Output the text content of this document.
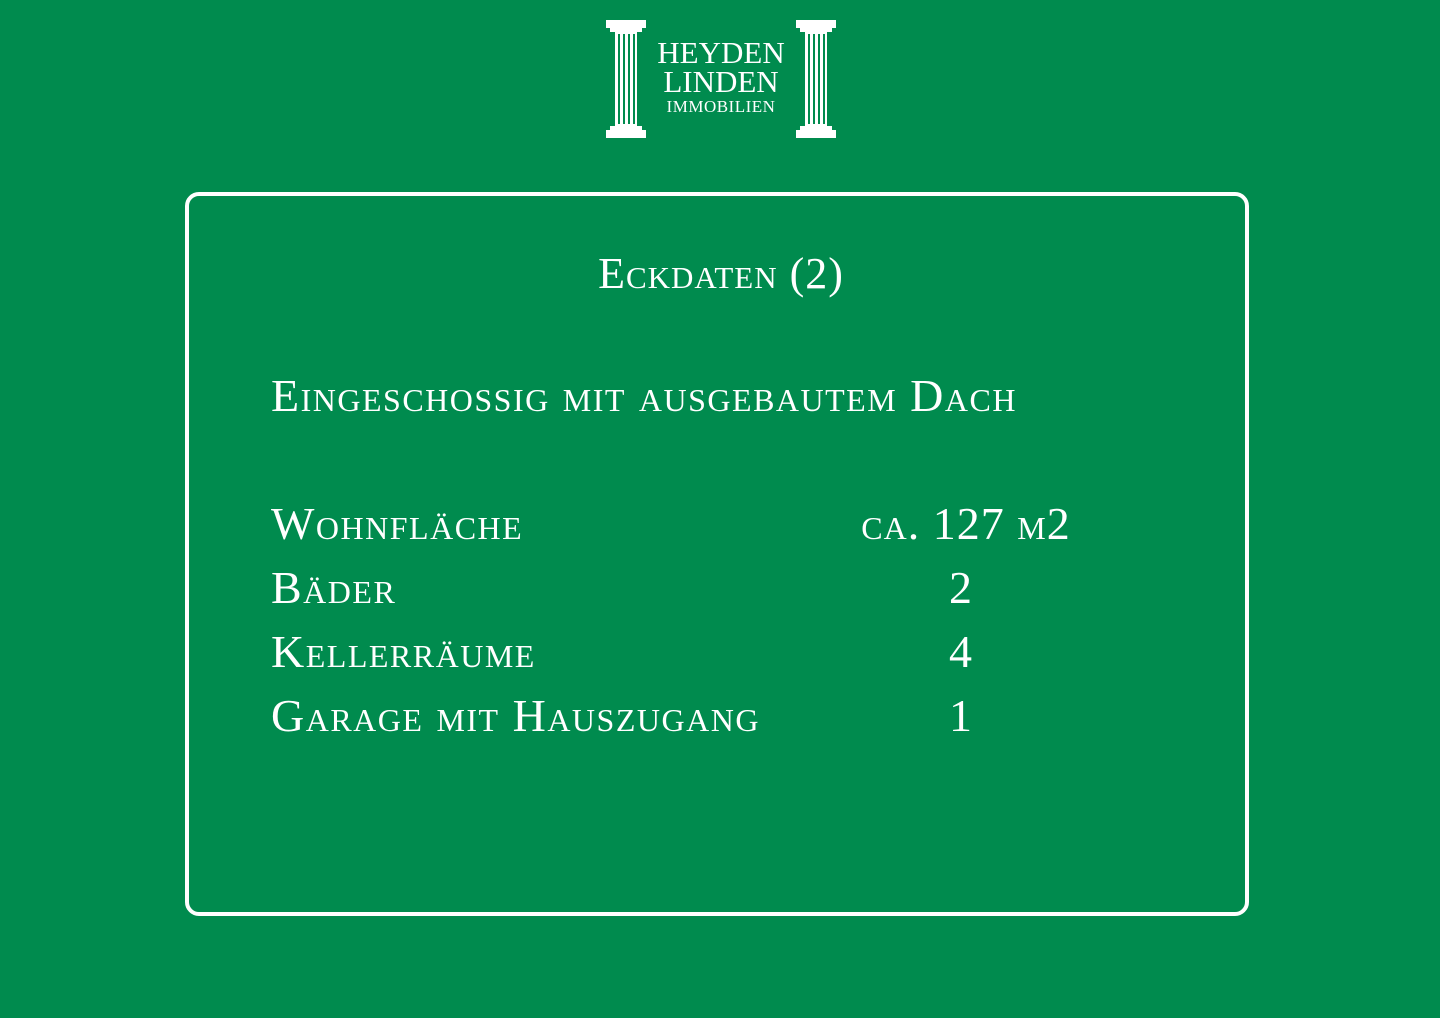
HEYDEN
LINDEN
IMMOBILIEN
Eckdaten (2)
Eingeschossig mit ausgebautem Dach
Wohnfläche	ca. 127 m2
Bäder	2
Kellerräume	4
Garage mit Hauszugang	1
